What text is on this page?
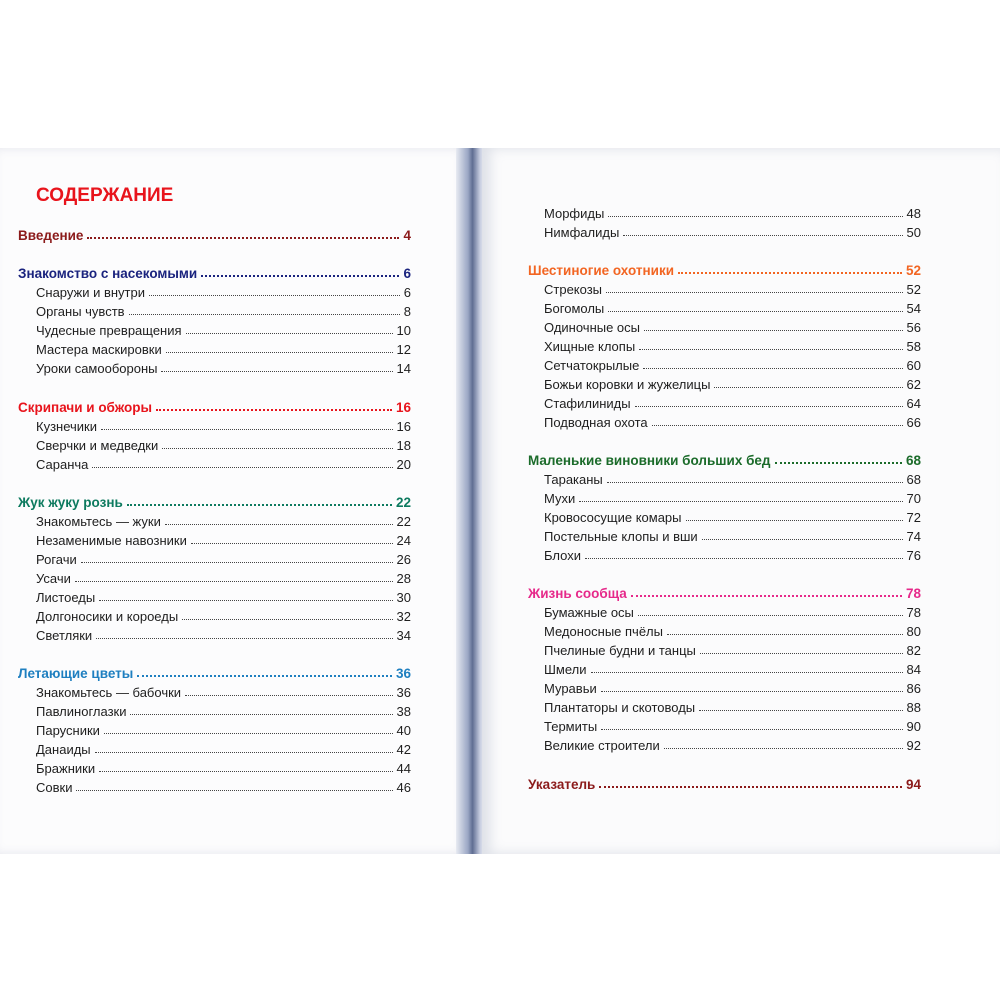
СОДЕРЖАНИЕ
Введение	4
Знакомство с насекомыми	6
Снаружи и внутри	6
Органы чувств	8
Чудесные превращения	10
Мастера маскировки	12
Уроки самообороны	14
Скрипачи и обжоры	16
Кузнечики	16
Сверчки и медведки	18
Саранча	20
Жук жуку рознь	22
Знакомьтесь — жуки	22
Незаменимые навозники	24
Рогачи	26
Усачи	28
Листоеды	30
Долгоносики и короеды	32
Светляки	34
Летающие цветы	36
Знакомьтесь — бабочки	36
Павлиноглазки	38
Парусники	40
Данаиды	42
Бражники	44
Совки	46
Морфиды	48
Нимфалиды	50
Шестиногие охотники	52
Стрекозы	52
Богомолы	54
Одиночные осы	56
Хищные клопы	58
Сетчатокрылые	60
Божьи коровки и жужелицы	62
Стафилиниды	64
Подводная охота	66
Маленькие виновники больших бед	68
Тараканы	68
Мухи	70
Кровососущие комары	72
Постельные клопы и вши	74
Блохи	76
Жизнь сообща	78
Бумажные осы	78
Медоносные пчёлы	80
Пчелиные будни и танцы	82
Шмели	84
Муравьи	86
Плантаторы и скотоводы	88
Термиты	90
Великие строители	92
Указатель	94
